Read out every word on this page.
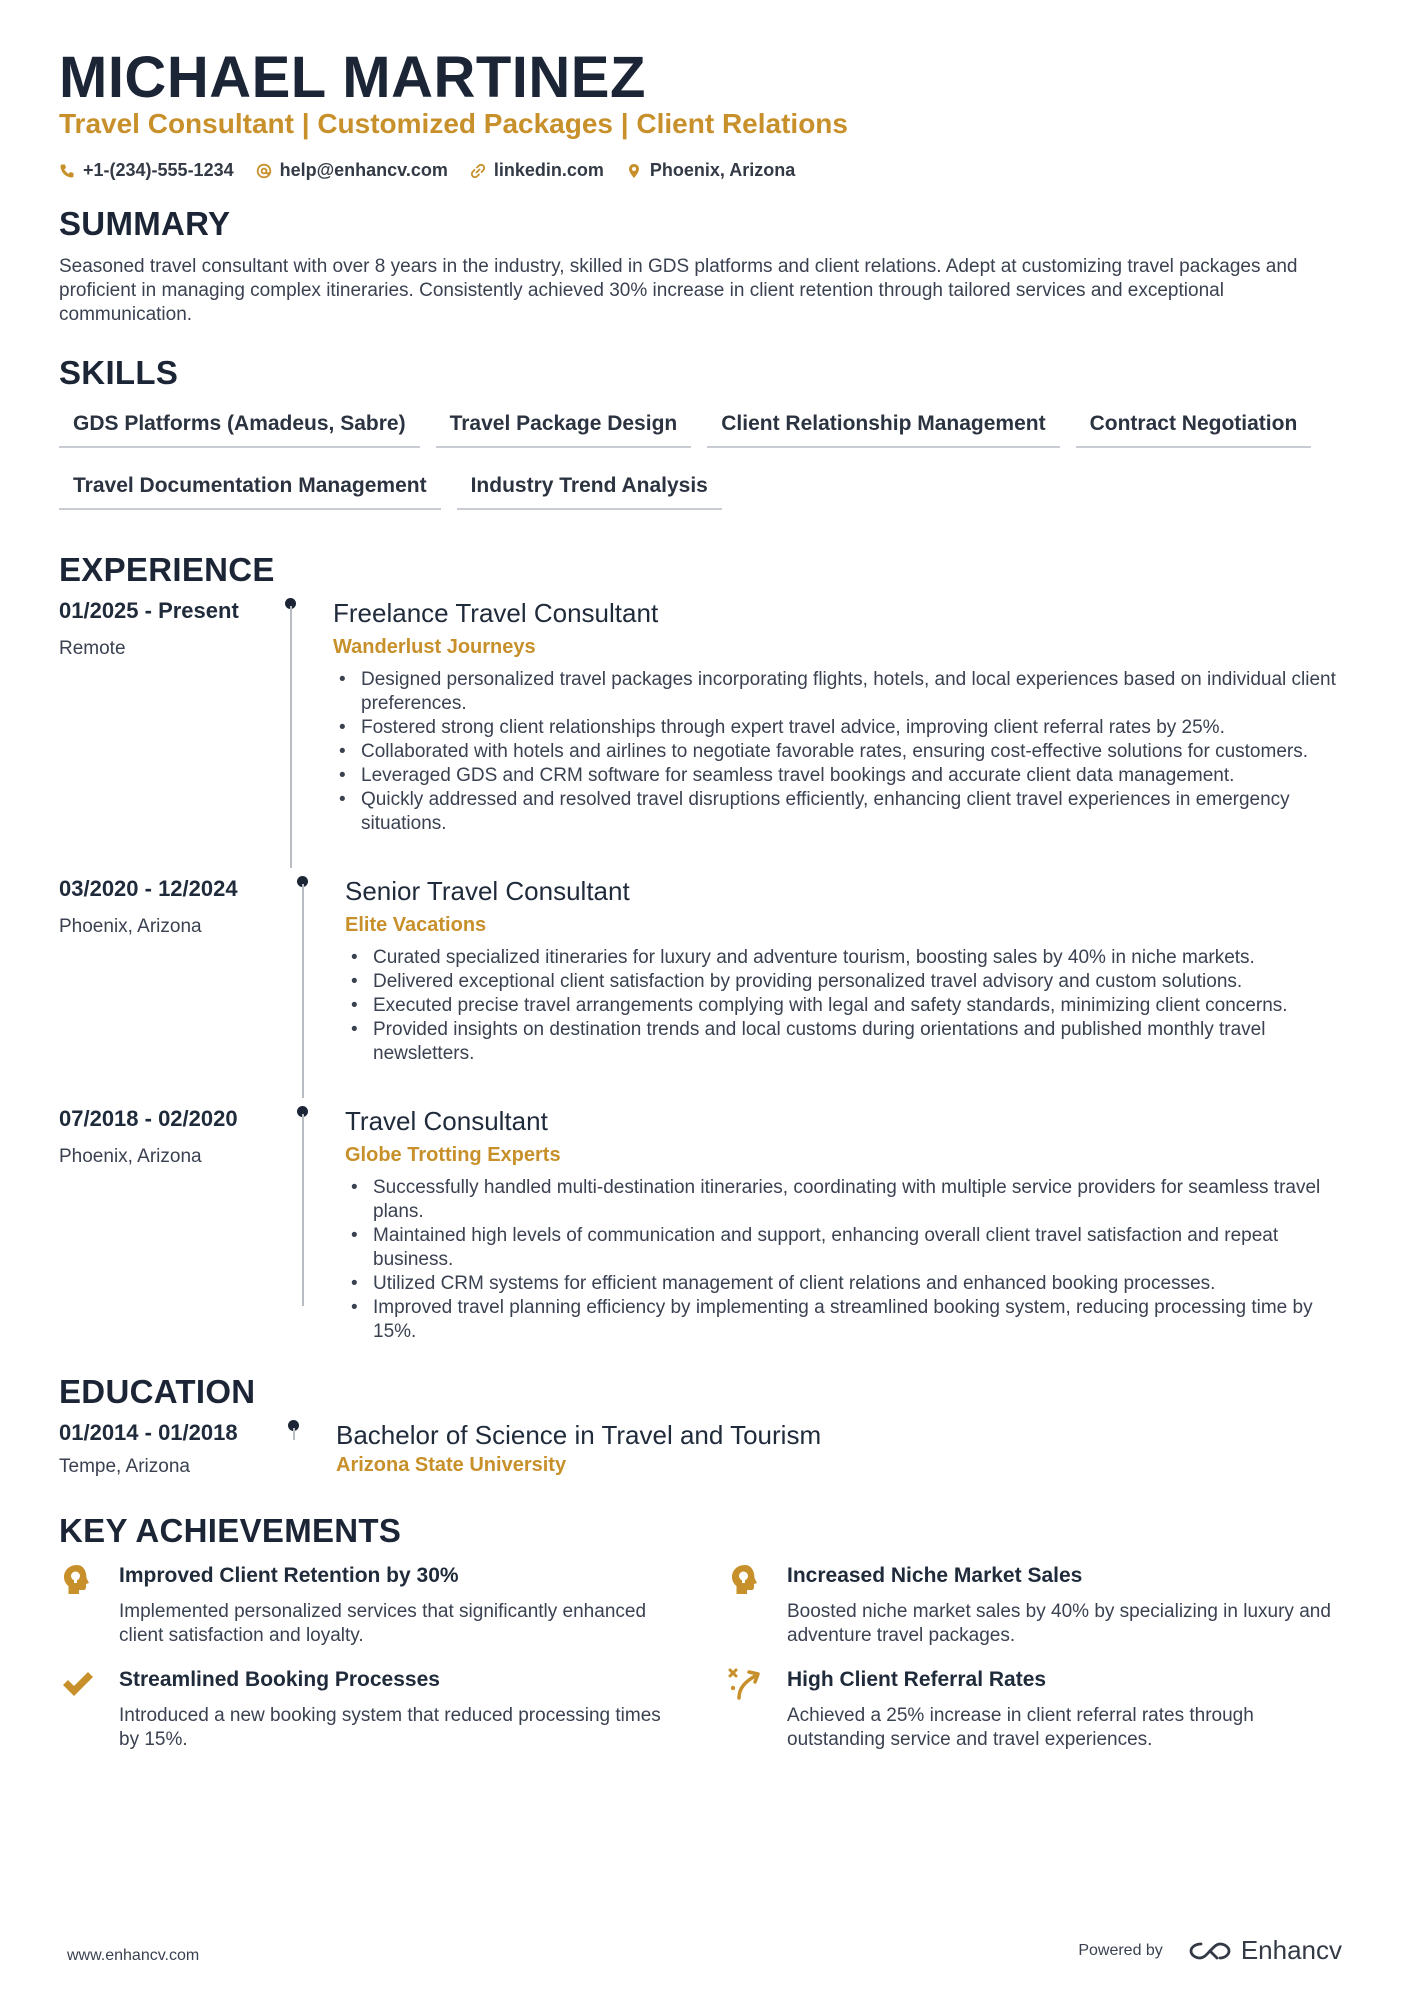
MICHAEL MARTINEZ
Travel Consultant | Customized Packages | Client Relations
+1-(234)-555-1234	help@enhancv.com	linkedin.com	Phoenix, Arizona
SUMMARY
Seasoned travel consultant with over 8 years in the industry, skilled in GDS platforms and client relations. Adept at customizing travel packages and proficient in managing complex itineraries. Consistently achieved 30% increase in client retention through tailored services and exceptional communication.
SKILLS
GDS Platforms (Amadeus, Sabre)	Travel Package Design	Client Relationship Management	Contract Negotiation
Travel Documentation Management	Industry Trend Analysis
EXPERIENCE
01/2025 - Present
Remote
Freelance Travel Consultant
Wanderlust Journeys
• Designed personalized travel packages incorporating flights, hotels, and local experiences based on individual client preferences.
• Fostered strong client relationships through expert travel advice, improving client referral rates by 25%.
• Collaborated with hotels and airlines to negotiate favorable rates, ensuring cost-effective solutions for customers.
• Leveraged GDS and CRM software for seamless travel bookings and accurate client data management.
• Quickly addressed and resolved travel disruptions efficiently, enhancing client travel experiences in emergency situations.
03/2020 - 12/2024
Phoenix, Arizona
Senior Travel Consultant
Elite Vacations
• Curated specialized itineraries for luxury and adventure tourism, boosting sales by 40% in niche markets.
• Delivered exceptional client satisfaction by providing personalized travel advisory and custom solutions.
• Executed precise travel arrangements complying with legal and safety standards, minimizing client concerns.
• Provided insights on destination trends and local customs during orientations and published monthly travel newsletters.
07/2018 - 02/2020
Phoenix, Arizona
Travel Consultant
Globe Trotting Experts
• Successfully handled multi-destination itineraries, coordinating with multiple service providers for seamless travel plans.
• Maintained high levels of communication and support, enhancing overall client travel satisfaction and repeat business.
• Utilized CRM systems for efficient management of client relations and enhanced booking processes.
• Improved travel planning efficiency by implementing a streamlined booking system, reducing processing time by 15%.
EDUCATION
01/2014 - 01/2018
Tempe, Arizona
Bachelor of Science in Travel and Tourism
Arizona State University
KEY ACHIEVEMENTS
Improved Client Retention by 30%
Implemented personalized services that significantly enhanced client satisfaction and loyalty.
Increased Niche Market Sales
Boosted niche market sales by 40% by specializing in luxury and adventure travel packages.
Streamlined Booking Processes
Introduced a new booking system that reduced processing times by 15%.
High Client Referral Rates
Achieved a 25% increase in client referral rates through outstanding service and travel experiences.
www.enhancv.com	Powered by	Enhancv
